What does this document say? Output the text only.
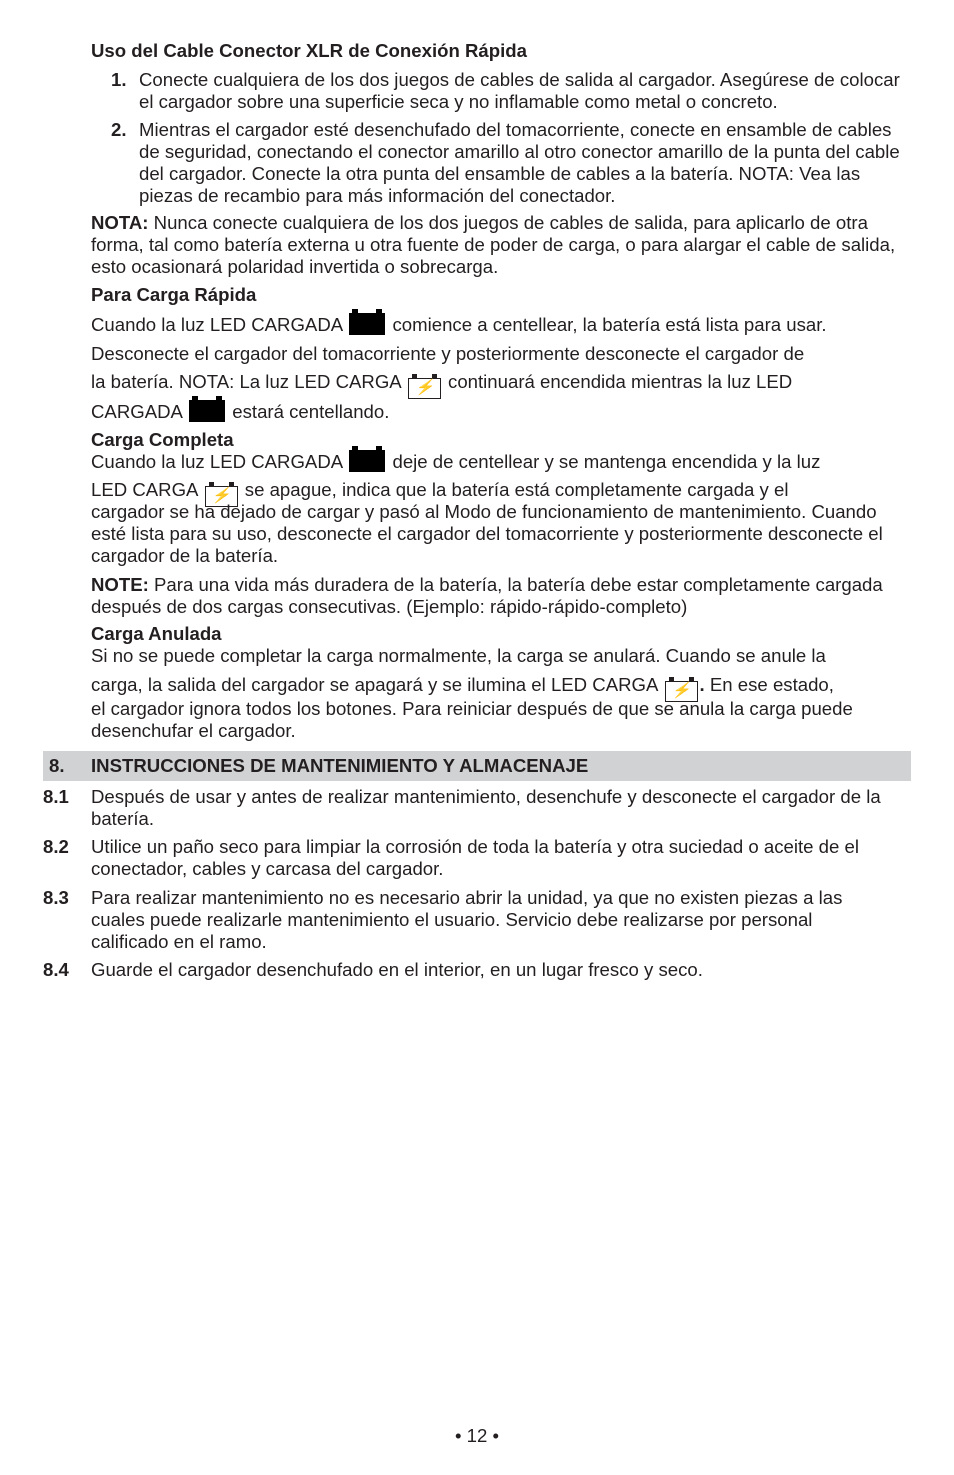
Uso del Cable Conector XLR de Conexión Rápida

1. Conecte cualquiera de los dos juegos de cables de salida al cargador. Asegúrese de colocar el cargador sobre una superficie seca y no inflamable como metal o concreto.

2. Mientras el cargador esté desenchufado del tomacorriente, conecte en ensamble de cables de seguridad, conectando el conector amarillo al otro conector amarillo de la punta del cable del cargador. Conecte la otra punta del ensamble de cables a la batería. NOTA: Vea las piezas de recambio para más información del conectador.

NOTA: Nunca conecte cualquiera de los dos juegos de cables de salida, para aplicarlo de otra forma, tal como batería externa u otra fuente de poder de carga, o para alargar el cable de salida, esto ocasionará polaridad invertida o sobrecarga.

Para Carga Rápida

Cuando la luz LED CARGADA	comience a centellear, la batería está lista para usar.

Desconecte el cargador del tomacorriente y posteriormente desconecte el cargador de

la batería. NOTA: La luz LED CARGA ⚡ continuará encendida mientras la luz LED

CARGADA	estará centellando.

Carga Completa

Cuando la luz LED CARGADA	deje de centellear y se mantenga encendida y la luz

LED CARGA ⚡ se apague, indica que la batería está completamente cargada y el

cargador se ha dejado de cargar y pasó al Modo de funcionamiento de mantenimiento. Cuando esté lista para su uso, desconecte el cargador del tomacorriente y posteriormente desconecte el cargador de la batería.

NOTE: Para una vida más duradera de la batería, la batería debe estar completamente cargada después de dos cargas consecutivas. (Ejemplo: rápido-rápido-completo)

Carga Anulada

Si no se puede completar la carga normalmente, la carga se anulará. Cuando se anule la

carga, la salida del cargador se apagará y se ilumina el LED CARGA ⚡ . En ese estado,

el cargador ignora todos los botones. Para reiniciar después de que se anula la carga puede desenchufar el cargador.

8. INSTRUCCIONES DE MANTENIMIENTO Y ALMACENAJE
8.1 Después de usar y antes de realizar mantenimiento, desenchufe y desconecte el cargador de la batería.

8.2 Utilice un paño seco para limpiar la corrosión de toda la batería y otra suciedad o aceite de el conectador, cables y carcasa del cargador.

8.3 Para realizar mantenimiento no es necesario abrir la unidad, ya que no existen piezas a las cuales puede realizarle mantenimiento el usuario. Servicio debe realizarse por personal calificado en el ramo.

8.4 Guarde el cargador desenchufado en el interior, en un lugar fresco y seco.

• 12 •
